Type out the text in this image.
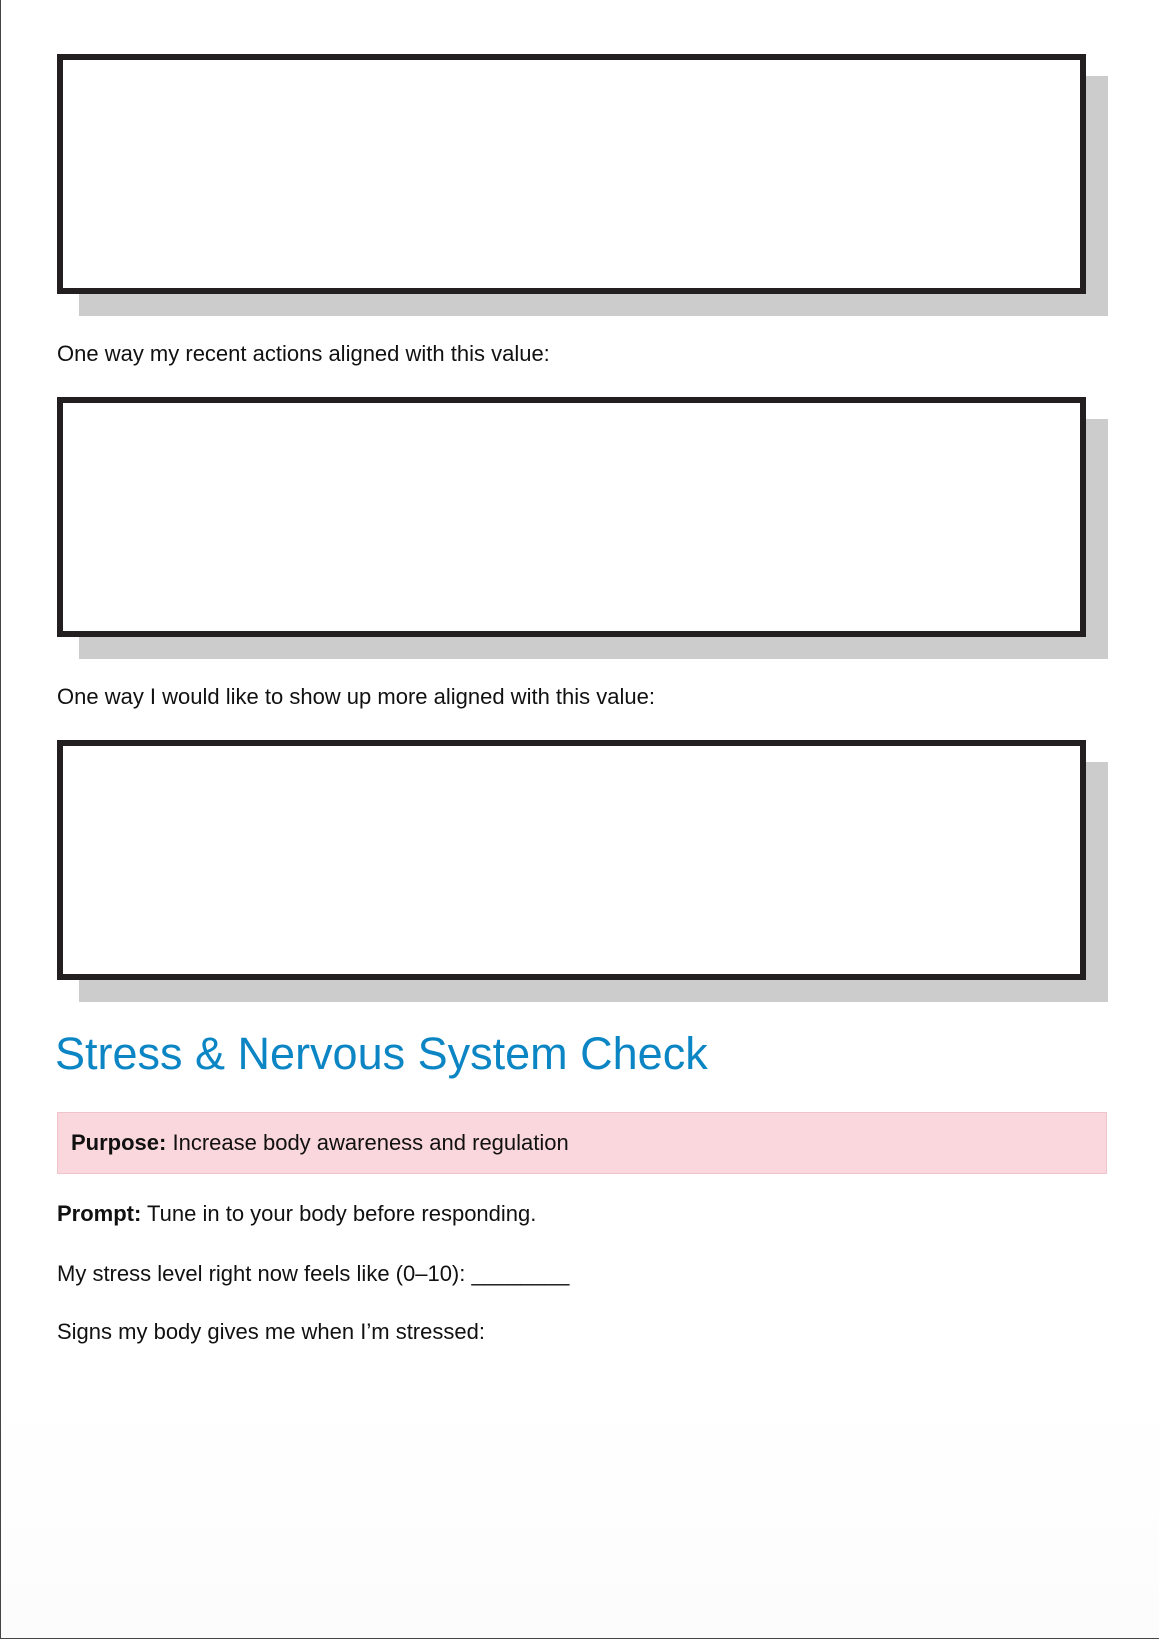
One way my recent actions aligned with this value:
One way I would like to show up more aligned with this value:
Stress & Nervous System Check
Purpose: Increase body awareness and regulation
Prompt: Tune in to your body before responding.
My stress level right now feels like (0–10): ________
Signs my body gives me when I’m stressed:
